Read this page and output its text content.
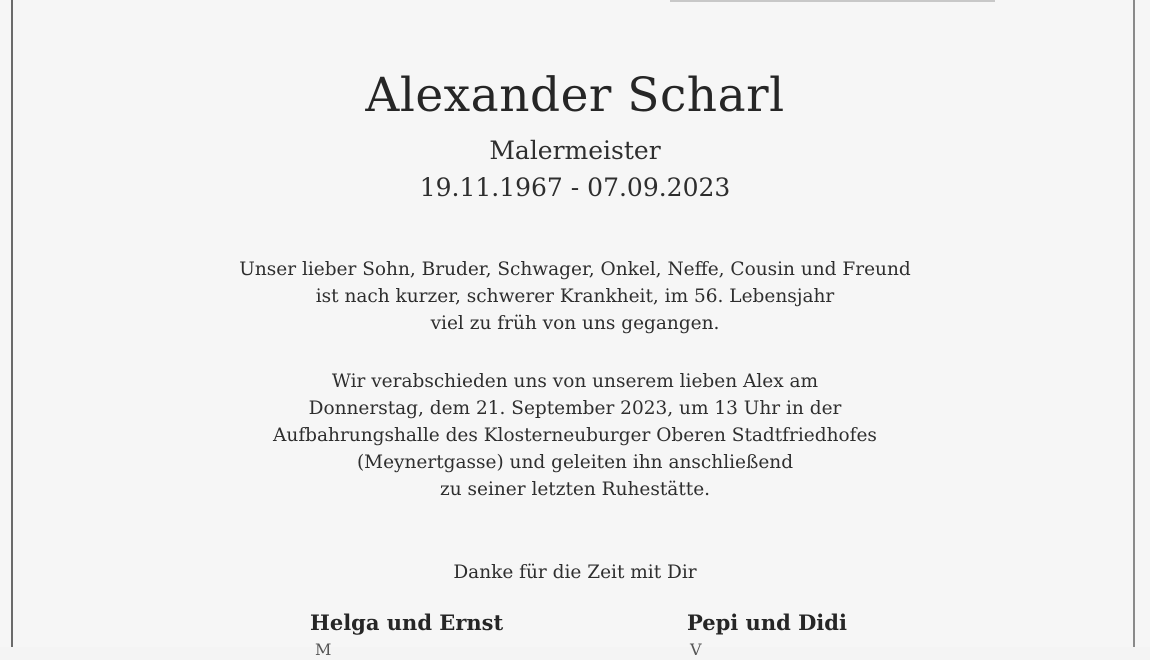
Alexander Scharl
Malermeister
19.11.1967 - 07.09.2023
Unser lieber Sohn, Bruder, Schwager, Onkel, Neffe, Cousin und Freund
ist nach kurzer, schwerer Krankheit, im 56. Lebensjahr
viel zu früh von uns gegangen.
Wir verabschieden uns von unserem lieben Alex am
Donnerstag, dem 21. September 2023, um 13 Uhr in der
Aufbahrungshalle des Klosterneuburger Oberen Stadtfriedhofes
(Meynertgasse) und geleiten ihn anschließend
zu seiner letzten Ruhestätte.
Danke für die Zeit mit Dir
Helga und Ernst
M
Pepi und Didi
V
